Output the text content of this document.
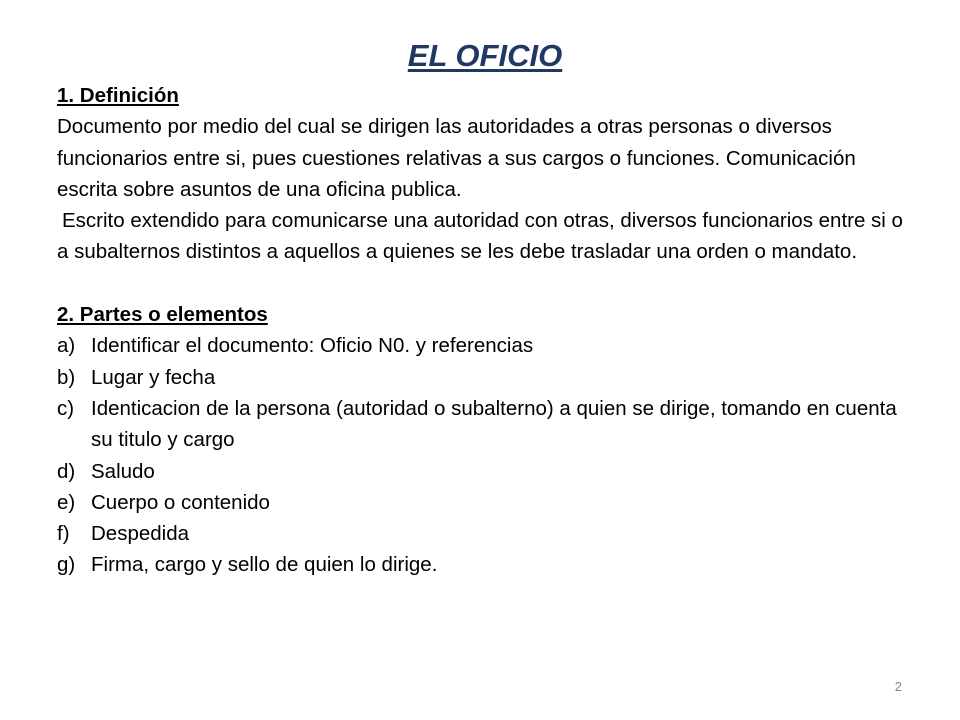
EL OFICIO
1. Definición

Documento por medio del cual se dirigen las autoridades a otras personas o diversos funcionarios entre si, pues cuestiones relativas a sus cargos o funciones. Comunicación escrita sobre asuntos de una oficina publica.

Escrito extendido para comunicarse una autoridad con otras, diversos funcionarios entre si o a subalternos distintos a aquellos a quienes se les debe trasladar una orden o mandato.

2. Partes o elementos
a) Identificar el documento: Oficio N0. y referencias
b) Lugar y fecha
c) Identicacion de la persona (autoridad o subalterno) a quien se dirige, tomando en cuenta su titulo y cargo
d) Saludo
e) Cuerpo o contenido
f)	Despedida
g) Firma, cargo y sello de quien lo dirige.
2
